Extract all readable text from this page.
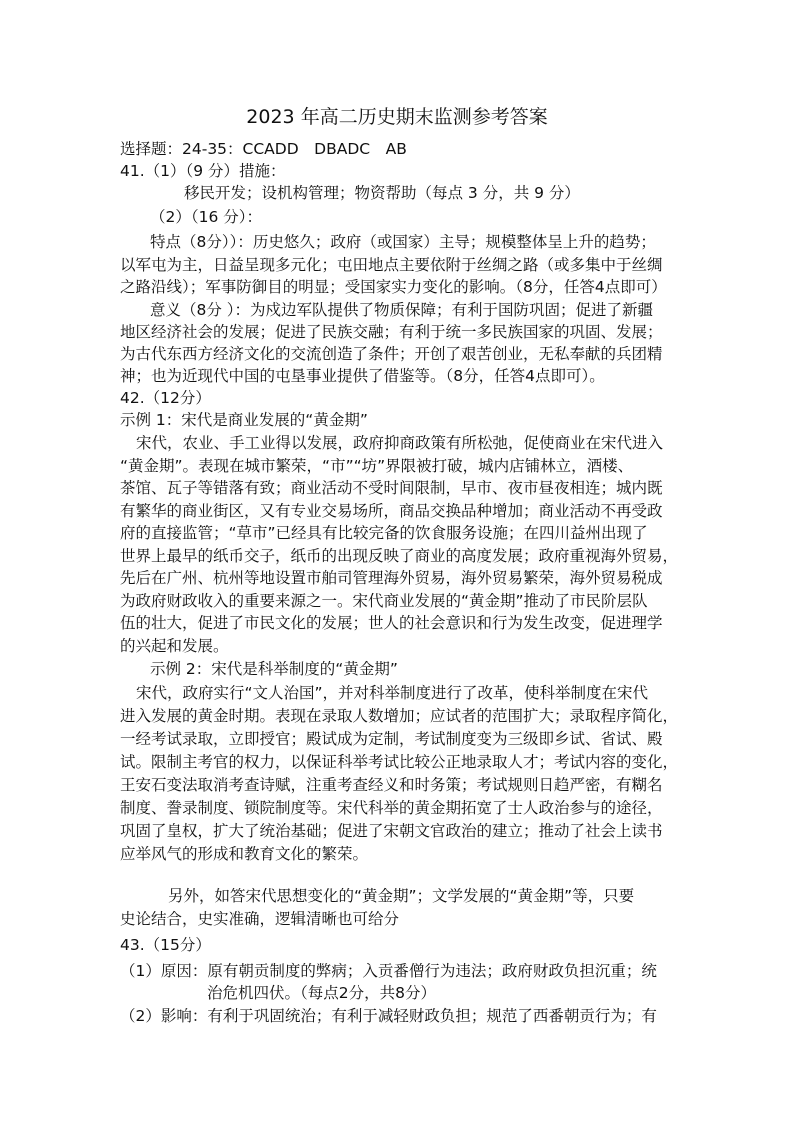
2023 年高二历史期末监测参考答案
选择题：24-35：CCADD　DBADC　AB
41.（1）（9 分）措施：
移民开发；设机构管理；物资帮助（每点 3 分，共 9 分）
（2）（16 分）：
特点（8分））：历史悠久；政府（或国家）主导；规模整体呈上升的趋势；
以军屯为主，日益呈现多元化；屯田地点主要依附于丝绸之路（或多集中于丝绸
之路沿线）；军事防御目的明显；受国家实力变化的影响。（8分，任答4点即可）
意义（8分 ）：为戍边军队提供了物质保障；有利于国防巩固；促进了新疆
地区经济社会的发展；促进了民族交融；有利于统一多民族国家的巩固、发展；
为古代东西方经济文化的交流创造了条件；开创了艰苦创业，无私奉献的兵团精
神；也为近现代中国的屯垦事业提供了借鉴等。（8分，任答4点即可）。
42.（12分）
示例 1：宋代是商业发展的“黄金期”
宋代，农业、手工业得以发展，政府抑商政策有所松弛，促使商业在宋代进入
“黄金期”。表现在城市繁荣，“市”“坊”界限被打破，城内店铺林立，酒楼、
茶馆、瓦子等错落有致；商业活动不受时间限制，早市、夜市昼夜相连；城内既
有繁华的商业街区，又有专业交易场所，商品交换品种增加；商业活动不再受政
府的直接监管；“草市”已经具有比较完备的饮食服务设施；在四川益州出现了
世界上最早的纸币交子，纸币的出现反映了商业的高度发展；政府重视海外贸易，
先后在广州、杭州等地设置市舶司管理海外贸易，海外贸易繁荣，海外贸易税成
为政府财政收入的重要来源之一。宋代商业发展的“黄金期”推动了市民阶层队
伍的壮大，促进了市民文化的发展；世人的社会意识和行为发生改变，促进理学
的兴起和发展。
示例 2：宋代是科举制度的“黄金期”
宋代，政府实行“文人治国”，并对科举制度进行了改革，使科举制度在宋代
进入发展的黄金时期。表现在录取人数增加；应试者的范围扩大；录取程序简化，
一经考试录取，立即授官；殿试成为定制，考试制度变为三级即乡试、省试、殿
试。限制主考官的权力，以保证科举考试比较公正地录取人才；考试内容的变化，
王安石变法取消考查诗赋，注重考查经义和时务策；考试规则日趋严密，有糊名
制度、誊录制度、锁院制度等。宋代科举的黄金期拓宽了士人政治参与的途径，
巩固了皇权，扩大了统治基础；促进了宋朝文官政治的建立；推动了社会上读书
应举风气的形成和教育文化的繁荣。
另外，如答宋代思想变化的“黄金期”；文学发展的“黄金期”等，只要
史论结合，史实准确，逻辑清晰也可给分
43.（15分）
（1）原因：原有朝贡制度的弊病；入贡番僧行为违法；政府财政负担沉重；统
治危机四伏。（每点2分，共8分）
（2）影响：有利于巩固统治；有利于减轻财政负担；规范了西番朝贡行为；有
